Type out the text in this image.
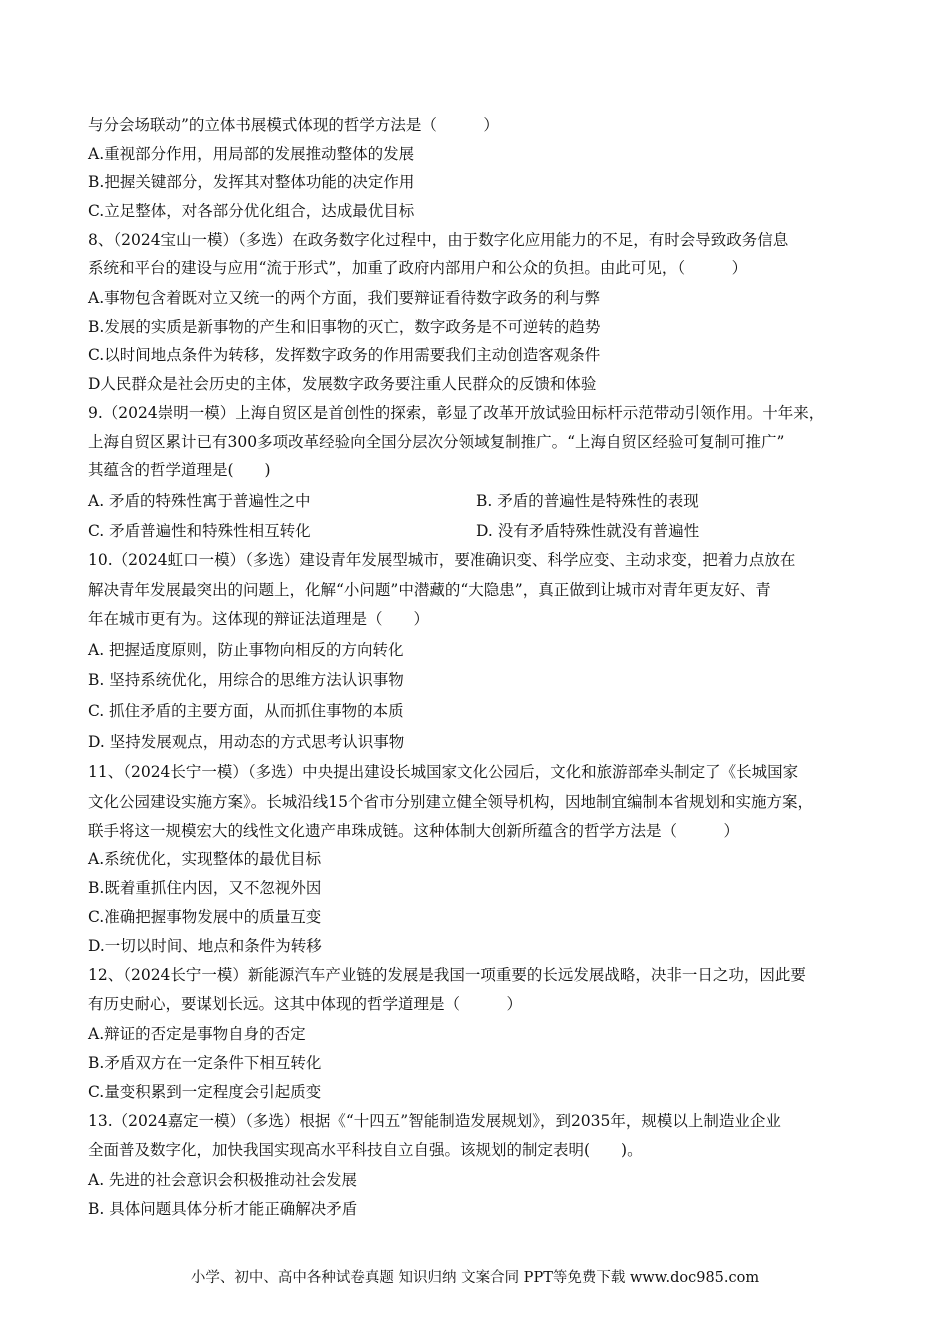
与分会场联动”的立体书展模式体现的哲学方法是（　　　）
A.重视部分作用，用局部的发展推动整体的发展
B.把握关键部分，发挥其对整体功能的决定作用
C.立足整体，对各部分优化组合，达成最优目标
8、（2024宝山一模）（多选）在政务数字化过程中，由于数字化应用能力的不足，有时会导致政务信息
系统和平台的建设与应用“流于形式”，加重了政府内部用户和公众的负担。由此可见，（　　　）
A.事物包含着既对立又统一的两个方面，我们要辩证看待数字政务的利与弊
B.发展的实质是新事物的产生和旧事物的灭亡，数字政务是不可逆转的趋势
C.以时间地点条件为转移，发挥数字政务的作用需要我们主动创造客观条件
D人民群众是社会历史的主体，发展数字政务要注重人民群众的反馈和体验
9.（2024崇明一模）上海自贸区是首创性的探索，彰显了改革开放试验田标杆示范带动引领作用。十年来，
上海自贸区累计已有300多项改革经验向全国分层次分领域复制推广。“上海自贸区经验可复制可推广”
其蕴含的哲学道理是(　　)
A. 矛盾的特殊性寓于普遍性之中
C. 矛盾普遍性和特殊性相互转化
10.（2024虹口一模）（多选）建设青年发展型城市，要准确识变、科学应变、主动求变，把着力点放在
解决青年发展最突出的问题上，化解“小问题”中潜藏的“大隐患”，真正做到让城市对青年更友好、青
年在城市更有为。这体现的辩证法道理是（　　）
A. 把握适度原则，防止事物向相反的方向转化
B. 坚持系统优化，用综合的思维方法认识事物
C. 抓住矛盾的主要方面，从而抓住事物的本质
D. 坚持发展观点，用动态的方式思考认识事物
11、（2024长宁一模）（多选）中央提出建设长城国家文化公园后，文化和旅游部牵头制定了《长城国家
文化公园建设实施方案》。长城沿线15个省市分别建立健全领导机构，因地制宜编制本省规划和实施方案，
联手将这一规模宏大的线性文化遗产串珠成链。这种体制大创新所蕴含的哲学方法是（　　　）
A.系统优化，实现整体的最优目标
B.既着重抓住内因，又不忽视外因
C.准确把握事物发展中的质量互变
D.一切以时间、地点和条件为转移
12、（2024长宁一模）新能源汽车产业链的发展是我国一项重要的长远发展战略，决非一日之功，因此要
有历史耐心，要谋划长远。这其中体现的哲学道理是（　　　）
A.辩证的否定是事物自身的否定
B.矛盾双方在一定条件下相互转化
C.量变积累到一定程度会引起质变
13.（2024嘉定一模）（多选）根据《“十四五”智能制造发展规划》，到2035年，规模以上制造业企业
全面普及数字化，加快我国实现高水平科技自立自强。该规划的制定表明(　　)。
A. 先进的社会意识会积极推动社会发展
B. 具体问题具体分析才能正确解决矛盾
B. 矛盾的普遍性是特殊性的表现
D. 没有矛盾特殊性就没有普遍性
小学、初中、高中各种试卷真题 知识归纳 文案合同 PPT等免费下载 www.doc985.com
